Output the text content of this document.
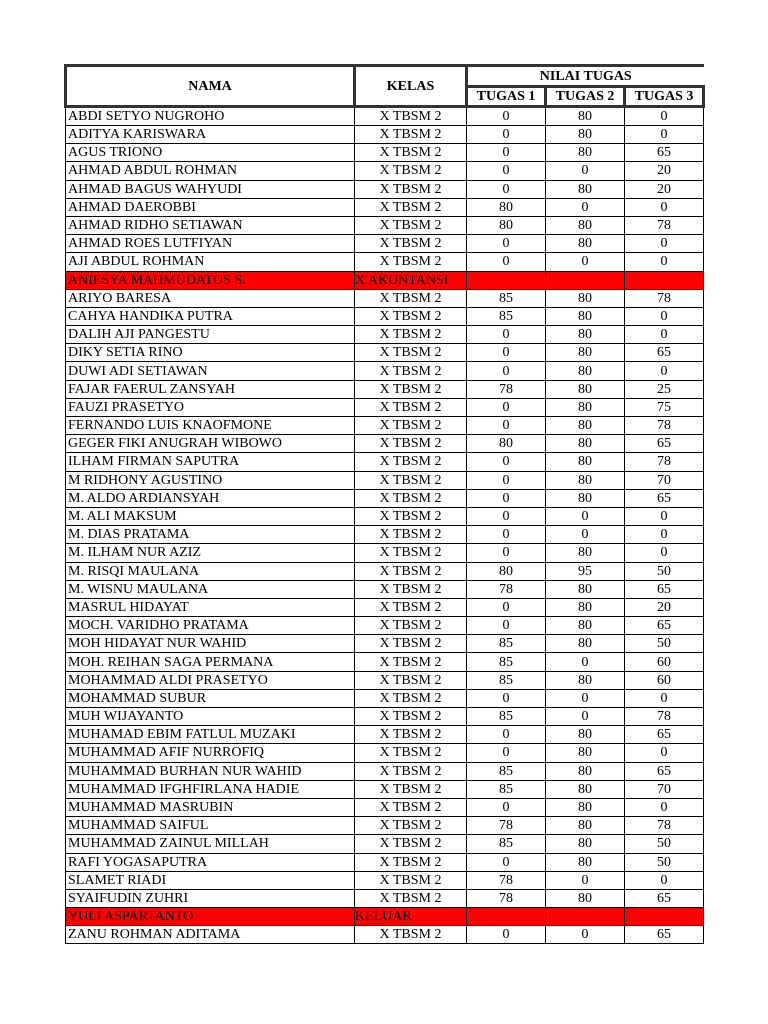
NAMA	KELAS	NILAI TUGAS		
		TUGAS 1	TUGAS 2	TUGAS 3
ABDI SETYO NUGROHO	X TBSM 2	0	80	0
ADITYA KARISWARA	X TBSM 2	0	80	0
AGUS TRIONO	X TBSM 2	0	80	65
AHMAD ABDUL ROHMAN	X TBSM 2	0	0	20
AHMAD BAGUS WAHYUDI	X TBSM 2	0	80	20
AHMAD DAEROBBI	X TBSM 2	80	0	0
AHMAD RIDHO SETIAWAN	X TBSM 2	80	80	78
AHMAD ROES LUTFIYAN	X TBSM 2	0	80	0
AJI ABDUL ROHMAN	X TBSM 2	0	0	0
ANIESYA MAHMUDATUS S.	X AKUNTANSI			
ARIYO BARESA	X TBSM 2	85	80	78
CAHYA HANDIKA PUTRA	X TBSM 2	85	80	0
DALIH AJI PANGESTU	X TBSM 2	0	80	0
DIKY SETIA RINO	X TBSM 2	0	80	65
DUWI ADI SETIAWAN	X TBSM 2	0	80	0
FAJAR FAERUL ZANSYAH	X TBSM 2	78	80	25
FAUZI PRASETYO	X TBSM 2	0	80	75
FERNANDO LUIS KNAOFMONE	X TBSM 2	0	80	78
GEGER FIKI ANUGRAH WIBOWO	X TBSM 2	80	80	65
ILHAM FIRMAN SAPUTRA	X TBSM 2	0	80	78
M RIDHONY AGUSTINO	X TBSM 2	0	80	70
M. ALDO ARDIANSYAH	X TBSM 2	0	80	65
M. ALI MAKSUM	X TBSM 2	0	0	0
M. DIAS PRATAMA	X TBSM 2	0	0	0
M. ILHAM NUR AZIZ	X TBSM 2	0	80	0
M. RISQI MAULANA	X TBSM 2	80	95	50
M. WISNU MAULANA	X TBSM 2	78	80	65
MASRUL HIDAYAT	X TBSM 2	0	80	20
MOCH. VARIDHO PRATAMA	X TBSM 2	0	80	65
MOH HIDAYAT NUR WAHID	X TBSM 2	85	80	50
MOH. REIHAN SAGA PERMANA	X TBSM 2	85	0	60
MOHAMMAD ALDI PRASETYO	X TBSM 2	85	80	60
MOHAMMAD SUBUR	X TBSM 2	0	0	0
MUH WIJAYANTO	X TBSM 2	85	0	78
MUHAMAD EBIM FATLUL MUZAKI	X TBSM 2	0	80	65
MUHAMMAD AFIF NURROFIQ	X TBSM 2	0	80	0
MUHAMMAD BURHAN NUR WAHID	X TBSM 2	85	80	65
MUHAMMAD IFGHFIRLANA HADIE	X TBSM 2	85	80	70
MUHAMMAD MASRUBIN	X TBSM 2	0	80	0
MUHAMMAD SAIFUL	X TBSM 2	78	80	78
MUHAMMAD ZAINUL MILLAH	X TBSM 2	85	80	50
RAFI YOGASAPUTRA	X TBSM 2	0	80	50
SLAMET RIADI	X TBSM 2	78	0	0
SYAIFUDIN ZUHRI	X TBSM 2	78	80	65
YULI ASPARTANTO	KELUAR			
ZANU ROHMAN ADITAMA	X TBSM 2	0	0	65
